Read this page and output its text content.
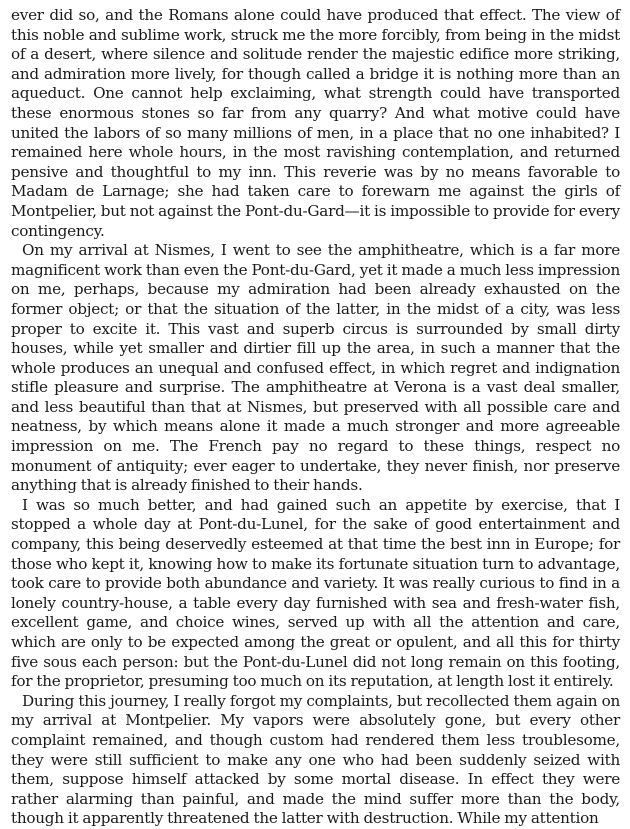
ever did so, and the Romans alone could have produced that effect. The view of this noble and sublime work, struck me the more forcibly, from being in the midst of a desert, where silence and solitude render the majestic edifice more striking, and admiration more lively, for though called a bridge it is nothing more than an aqueduct. One cannot help exclaiming, what strength could have transported these enormous stones so far from any quarry? And what motive could have united the labors of so many millions of men, in a place that no one inhabited? I remained here whole hours, in the most ravishing contemplation, and returned pensive and thoughtful to my inn. This reverie was by no means favorable to Madam de Larnage; she had taken care to forewarn me against the girls of Montpelier, but not against the Pont-du-Gard—it is impossible to provide for every contingency.

On my arrival at Nismes, I went to see the amphitheatre, which is a far more magnificent work than even the Pont-du-Gard, yet it made a much less impression on me, perhaps, because my admiration had been already exhausted on the former object; or that the situation of the latter, in the midst of a city, was less proper to excite it. This vast and superb circus is surrounded by small dirty houses, while yet smaller and dirtier fill up the area, in such a manner that the whole produces an unequal and confused effect, in which regret and indignation stifle pleasure and surprise. The amphitheatre at Verona is a vast deal smaller, and less beautiful than that at Nismes, but preserved with all possible care and neatness, by which means alone it made a much stronger and more agreeable impression on me. The French pay no regard to these things, respect no monument of antiquity; ever eager to undertake, they never finish, nor preserve anything that is already finished to their hands.

I was so much better, and had gained such an appetite by exercise, that I stopped a whole day at Pont-du-Lunel, for the sake of good entertainment and company, this being deservedly esteemed at that time the best inn in Europe; for those who kept it, knowing how to make its fortunate situation turn to advantage, took care to provide both abundance and variety. It was really curious to find in a lonely country-house, a table every day furnished with sea and fresh-water fish, excellent game, and choice wines, served up with all the attention and care, which are only to be expected among the great or opulent, and all this for thirty five sous each person: but the Pont-du-Lunel did not long remain on this footing, for the proprietor, presuming too much on its reputation, at length lost it entirely.

During this journey, I really forgot my complaints, but recollected them again on my arrival at Montpelier. My vapors were absolutely gone, but every other complaint remained, and though custom had rendered them less troublesome, they were still sufficient to make any one who had been suddenly seized with them, suppose himself attacked by some mortal disease. In effect they were rather alarming than painful, and made the mind suffer more than the body, though it apparently threatened the latter with destruction. While my attention
